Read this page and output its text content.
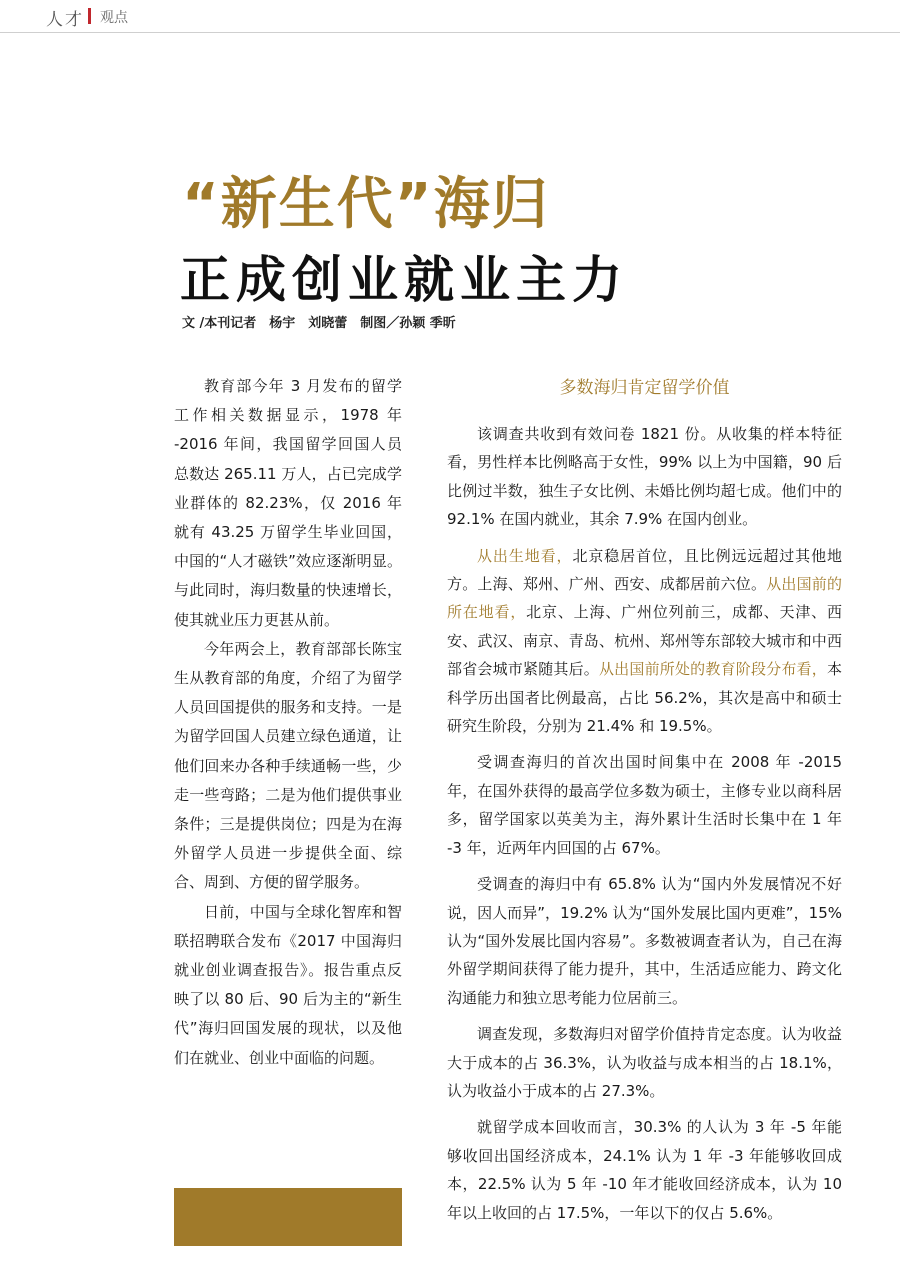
人才 观点
“新生代”海归
正成创业就业主力
文 /本刊记者　杨宇　刘晓蕾　制图／孙颖 季昕

教育部今年 3 月发布的留学工作相关数据显示，1978 年 -2016 年间，我国留学回国人员总数达 265.11 万人，占已完成学业群体的 82.23%，仅 2016 年就有 43.25 万留学生毕业回国，中国的“人才磁铁”效应逐渐明显。与此同时，海归数量的快速增长，使其就业压力更甚从前。

今年两会上，教育部部长陈宝生从教育部的角度，介绍了为留学人员回国提供的服务和支持。一是为留学回国人员建立绿色通道，让他们回来办各种手续通畅一些，少走一些弯路；二是为他们提供事业条件；三是提供岗位；四是为在海外留学人员进一步提供全面、综合、周到、方便的留学服务。

日前，中国与全球化智库和智联招聘联合发布《2017 中国海归就业创业调查报告》。报告重点反映了以 80 后、90 后为主的“新生代”海归回国发展的现状，以及他们在就业、创业中面临的问题。

多数海归肯定留学价值

该调查共收到有效问卷 1821 份。从收集的样本特征看，男性样本比例略高于女性，99% 以上为中国籍，90 后比例过半数，独生子女比例、未婚比例均超七成。他们中的 92.1% 在国内就业，其余 7.9% 在国内创业。

从出生地看，北京稳居首位，且比例远远超过其他地方。上海、郑州、广州、西安、成都居前六位。从出国前的所在地看，北京、上海、广州位列前三，成都、天津、西安、武汉、南京、青岛、杭州、郑州等东部较大城市和中西部省会城市紧随其后。从出国前所处的教育阶段分布看，本科学历出国者比例最高，占比 56.2%，其次是高中和硕士研究生阶段，分别为 21.4% 和 19.5%。

受调查海归的首次出国时间集中在 2008 年 -2015 年，在国外获得的最高学位多数为硕士，主修专业以商科居多，留学国家以英美为主，海外累计生活时长集中在 1 年 -3 年，近两年内回国的占 67%。

受调查的海归中有 65.8% 认为“国内外发展情况不好说，因人而异”，19.2% 认为“国外发展比国内更难”，15% 认为“国外发展比国内容易”。多数被调查者认为，自己在海外留学期间获得了能力提升，其中，生活适应能力、跨文化沟通能力和独立思考能力位居前三。

调查发现，多数海归对留学价值持肯定态度。认为收益大于成本的占 36.3%，认为收益与成本相当的占 18.1%，认为收益小于成本的占 27.3%。

就留学成本回收而言，30.3% 的人认为 3 年 -5 年能够收回出国经济成本，24.1% 认为 1 年 -3 年能够收回成本，22.5% 认为 5 年 -10 年才能收回经济成本，认为 10 年以上收回的占 17.5%，一年以下的仅占 5.6%。
